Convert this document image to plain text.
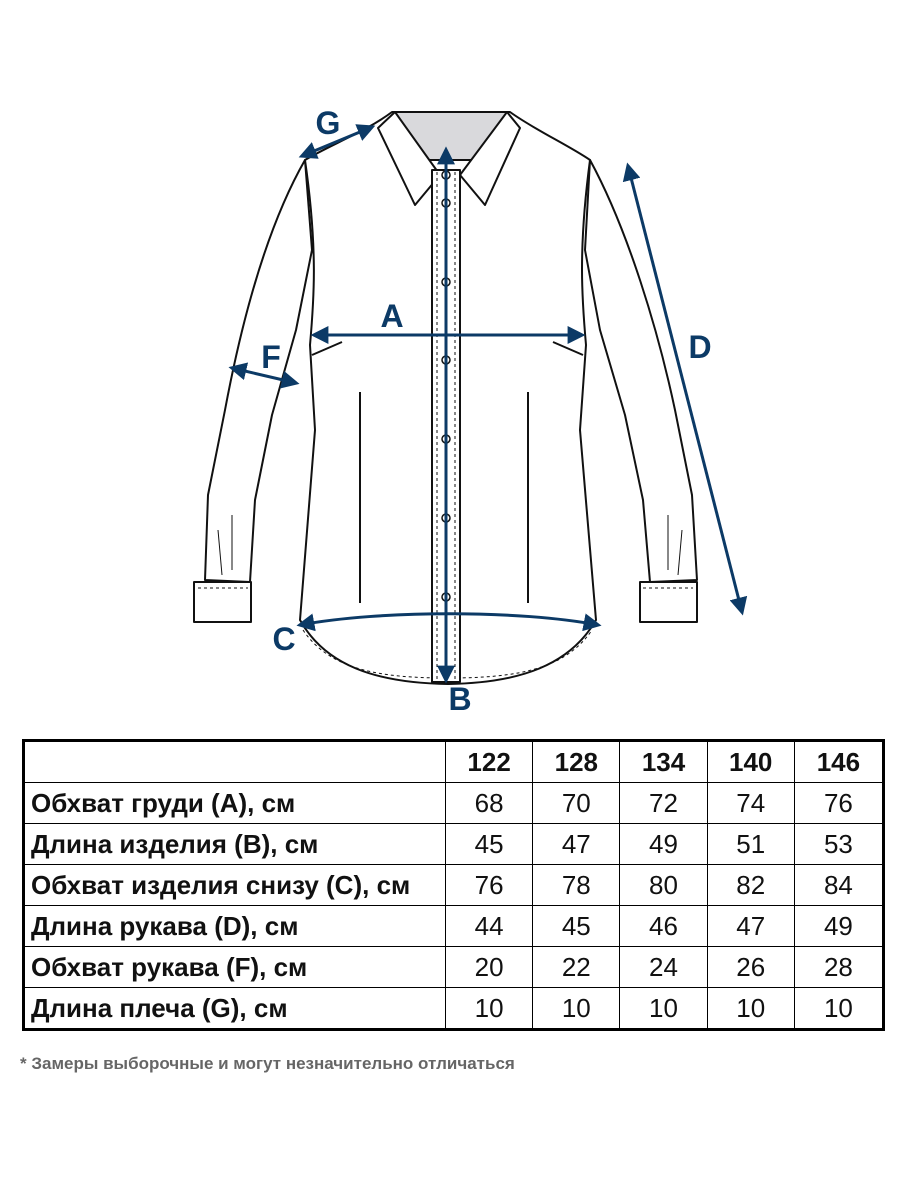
A
B
C
D
F
G
	122	128	134	140	146
Обхват груди (A), см	68	70	72	74	76
Длина изделия (B), см	45	47	49	51	53
Обхват изделия снизу (C), см	76	78	80	82	84
Длина рукава (D), см	44	45	46	47	49
Обхват рукава (F), см	20	22	24	26	28
Длина плеча (G), см	10	10	10	10	10
* Замеры выборочные и могут незначительно отличаться
